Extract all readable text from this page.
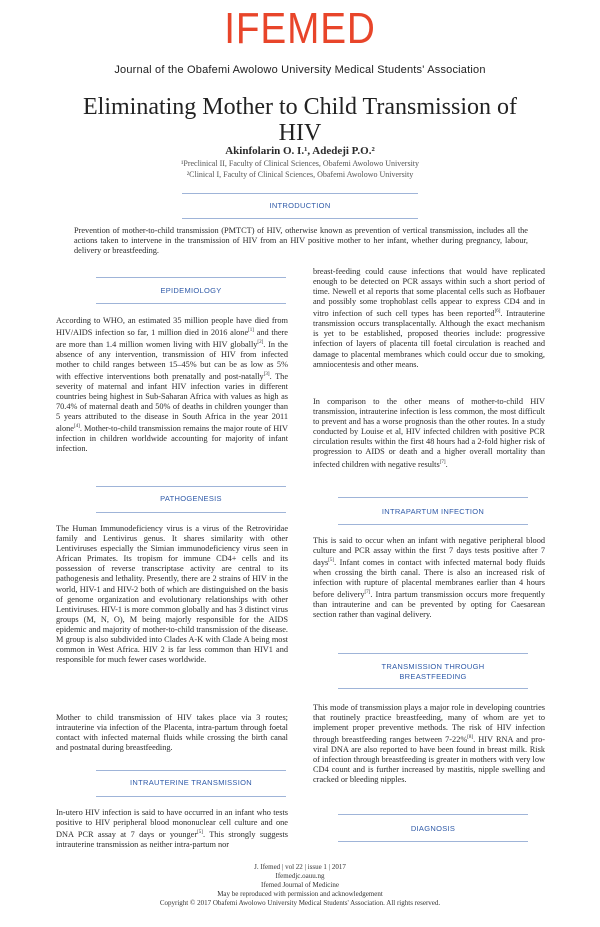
IFEMED
Journal of the Obafemi Awolowo University Medical Students' Association
Eliminating Mother to Child Transmission of HIV
Akinfolarin O. I.¹, Adedeji P.O.²
¹Preclinical II, Faculty of Clinical Sciences, Obafemi Awolowo University
²Clinical I, Faculty of Clinical Sciences, Obafemi Awolowo University
INTRODUCTION
Prevention of mother-to-child transmission (PMTCT) of HIV, otherwise known as prevention of vertical transmission, includes all the actions taken to intervene in the transmission of HIV from an HIV positive mother to her infant, whether during pregnancy, labour, delivery or breastfeeding.
EPIDEMIOLOGY
According to WHO, an estimated 35 million people have died from HIV/AIDS infection so far, 1 million died in 2016 alone[1] and there are more than 1.4 million women living with HIV globally[2]. In the absence of any intervention, transmission of HIV from infected mother to child ranges between 15–45% but can be as low as 5% with effective interventions both prenatally and post-natally[3]. The severity of maternal and infant HIV infection varies in different countries being highest in Sub-Saharan Africa with values as high as 70.4% of maternal death and 50% of deaths in children younger than 5 years attributed to the disease in South Africa in the year 2011 alone[4]. Mother-to-child transmission remains the major route of HIV infection in children worldwide accounting for majority of infant infection.
PATHOGENESIS
The Human Immunodeficiency virus is a virus of the Retroviridae family and Lentivirus genus. It shares similarity with other Lentiviruses especially the Simian immunodeficiency virus seen in African Primates. Its tropism for immune CD4+ cells and its possession of reverse transcriptase activity are central to its pathogenesis and lethality. Presently, there are 2 strains of HIV in the world, HIV-1 and HIV-2 both of which are distinguished on the basis of genome organization and evolutionary relationships with other Lentiviruses. HIV-1 is more common globally and has 3 distinct virus groups (M, N, O), M being majorly responsible for the AIDS epidemic and majority of mother-to-child transmission of the disease. M group is also subdivided into Clades A-K with Clade A being most common in West Africa. HIV 2 is far less common than HIV1 and responsible for much fewer cases worldwide.
Mother to child transmission of HIV takes place via 3 routes; intrauterine via infection of the Placenta, intra-partum through foetal contact with infected maternal fluids while crossing the birth canal and postnatal during breastfeeding.
INTRAUTERINE TRANSMISSION
In-utero HIV infection is said to have occurred in an infant who tests positive to HIV peripheral blood mononuclear cell culture and one DNA PCR assay at 7 days or younger[5]. This strongly suggests intrauterine transmission as neither intra-partum nor
breast-feeding could cause infections that would have replicated enough to be detected on PCR assays within such a short period of time. Newell et al reports that some placental cells such as Hofbauer and possibly some trophoblast cells appear to express CD4 and in vitro infection of such cell types has been reported[6]. Intrauterine transmission occurs transplacentally. Although the exact mechanism is yet to be established, proposed theories include: progressive infection of layers of placenta till foetal circulation is reached and damage to placental membranes which could occur due to smoking, amniocentesis and other means.
In comparison to the other means of mother-to-child HIV transmission, intrauterine infection is less common, the most difficult to prevent and has a worse prognosis than the other routes. In a study conducted by Louise et al, HIV infected children with positive PCR circulation results within the first 48 hours had a 2-fold higher risk of progression to AIDS or death and a higher overall mortality than infected children with negative results[7].
INTRAPARTUM INFECTION
This is said to occur when an infant with negative peripheral blood culture and PCR assay within the first 7 days tests positive after 7 days[5]. Infant comes in contact with infected maternal body fluids when crossing the birth canal. There is also an increased risk of infection with rupture of placental membranes earlier than 4 hours before delivery[7]. Intra partum transmission occurs more frequently than intrauterine and can be prevented by opting for Caesarean section rather than vaginal delivery.
TRANSMISSION THROUGH
BREASTFEEDING
This mode of transmission plays a major role in developing countries that routinely practice breastfeeding, many of whom are yet to implement proper preventive methods. The risk of HIV infection through breastfeeding ranges between 7-22%[8]. HIV RNA and pro-viral DNA are also reported to have been found in breast milk. Risk of infection through breastfeeding is greater in mothers with very low CD4 count and is further increased by mastitis, nipple swelling and cracked or bleeding nipples.
DIAGNOSIS
J. Ifemed | vol 22 | issue 1 | 2017
Ifemedjc.oauu.ng
Ifemed Journal of Medicine
May be reproduced with permission and acknowledgement
Copyright © 2017 Obafemi Awolowo University Medical Students' Association. All rights reserved.
